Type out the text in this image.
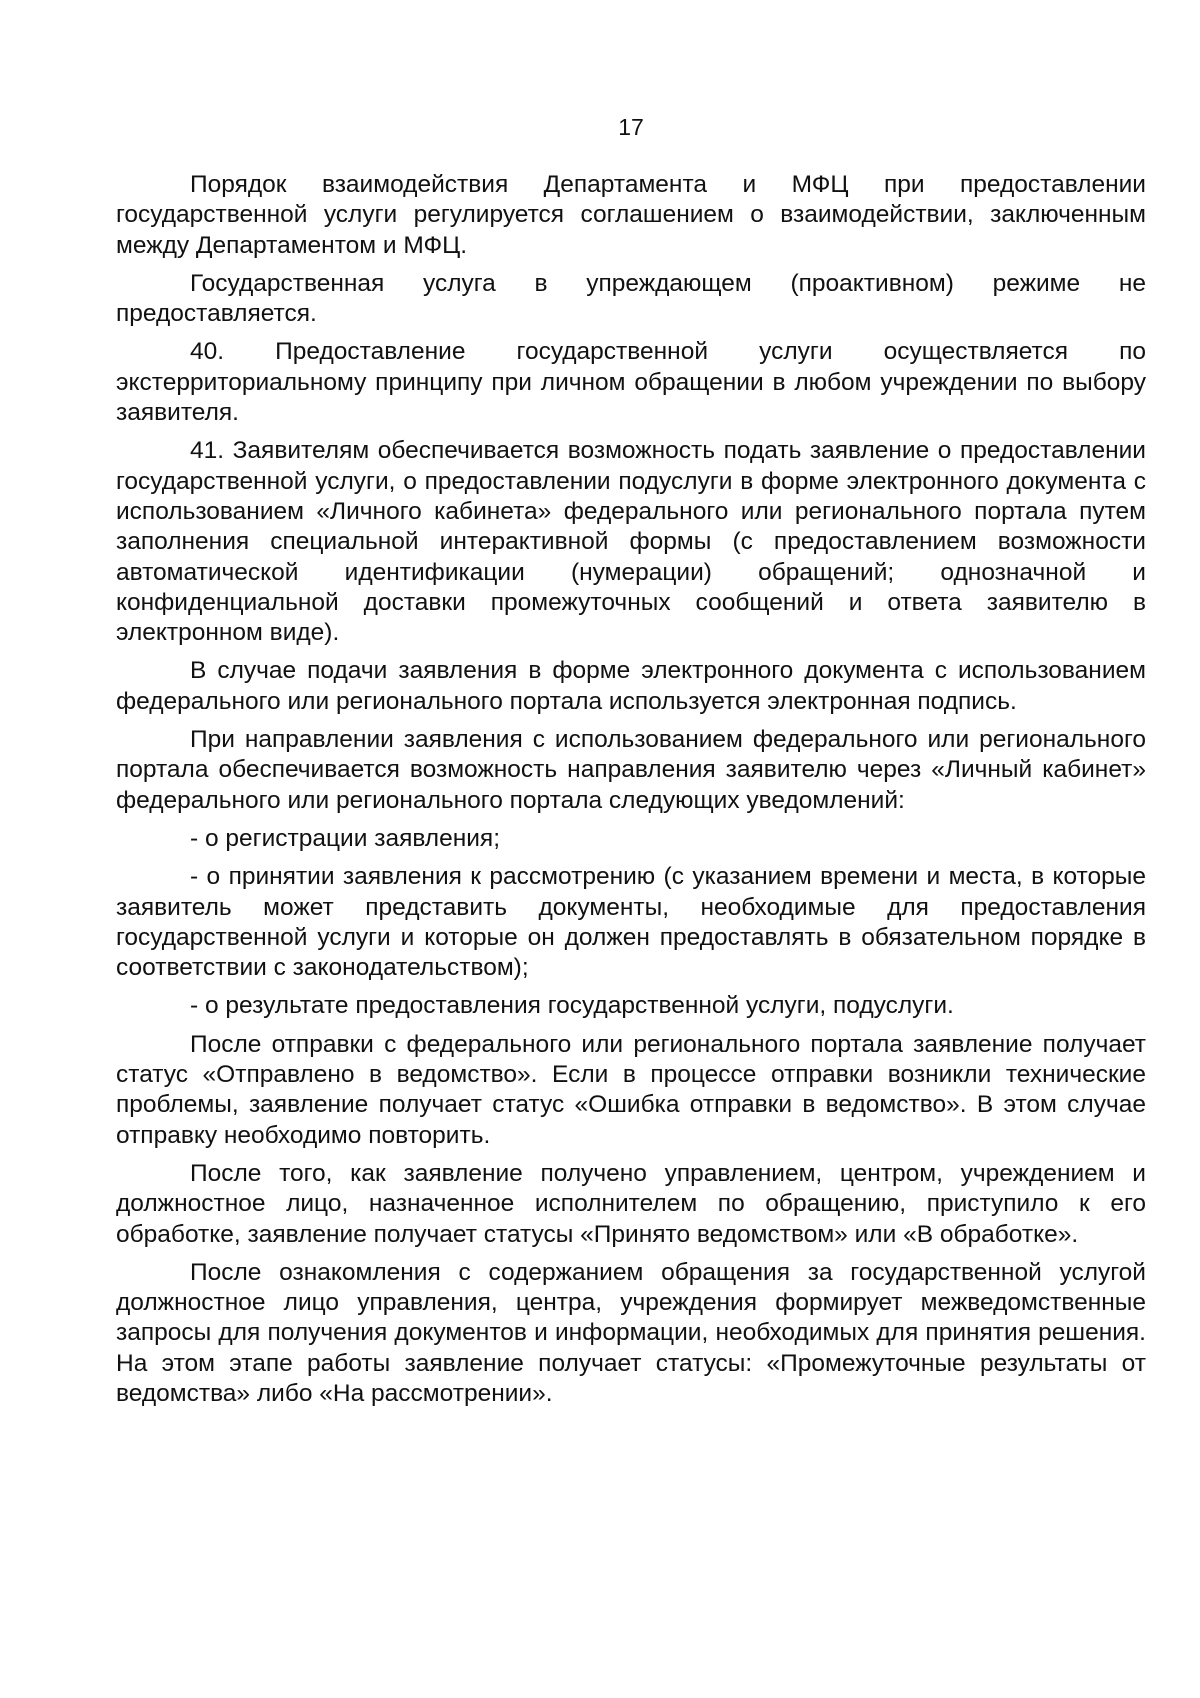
17

Порядок взаимодействия Департамента и МФЦ при предоставлении государственной услуги регулируется соглашением о взаимодействии, заключенным между Департаментом и МФЦ.

Государственная услуга в упреждающем (проактивном) режиме не предоставляется.

40. Предоставление государственной услуги осуществляется по экстерриториальному принципу при личном обращении в любом учреждении по выбору заявителя.

41. Заявителям обеспечивается возможность подать заявление о предоставлении государственной услуги, о предоставлении подуслуги в форме электронного документа с использованием «Личного кабинета» федерального или регионального портала путем заполнения специальной интерактивной формы (с предоставлением возможности автоматической идентификации (нумерации) обращений; однозначной и конфиденциальной доставки промежуточных сообщений и ответа заявителю в электронном виде).

В случае подачи заявления в форме электронного документа с использованием федерального или регионального портала используется электронная подпись.

При направлении заявления с использованием федерального или регионального портала обеспечивается возможность направления заявителю через «Личный кабинет» федерального или регионального портала следующих уведомлений:

- о регистрации заявления;

- о принятии заявления к рассмотрению (с указанием времени и места, в которые заявитель может представить документы, необходимые для предоставления государственной услуги и которые он должен предоставлять в обязательном порядке в соответствии с законодательством);

- о результате предоставления государственной услуги, подуслуги.

После отправки с федерального или регионального портала заявление получает статус «Отправлено в ведомство». Если в процессе отправки возникли технические проблемы, заявление получает статус «Ошибка отправки в ведомство». В этом случае отправку необходимо повторить.

После того, как заявление получено управлением, центром, учреждением и должностное лицо, назначенное исполнителем по обращению, приступило к его обработке, заявление получает статусы «Принято ведомством» или «В обработке».

После ознакомления с содержанием обращения за государственной услугой должностное лицо управления, центра, учреждения формирует межведомственные запросы для получения документов и информации, необходимых для принятия решения. На этом этапе работы заявление получает статусы: «Промежуточные результаты от ведомства» либо «На рассмотрении».
